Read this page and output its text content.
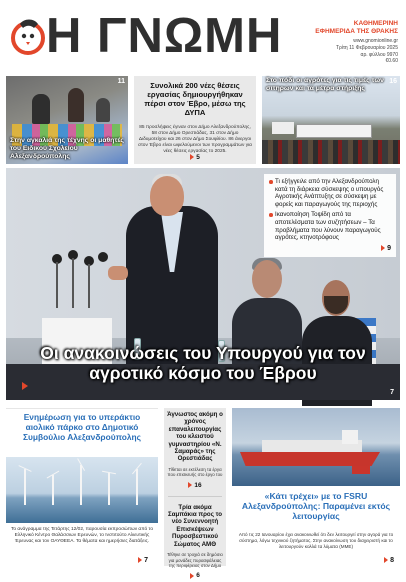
Η ΓΝΩΜΗ	ΚΑΘΗΜΕΡΙΝΗ
ΕΦΗΜΕΡΙΔΑ ΤΗΣ ΘΡΑΚΗΣ
www.gnomionline.gr
Τρίτη 11 Φεβρουαρίου 2025
αρ. φύλλου 9970
€0.60
11
Στην αγκαλιά της τέχνης οι μαθητές του Ειδικού Σχολείου Αλεξανδρούπολης
Συνολικά 200 νέες θέσεις εργασίας δημιουργήθηκαν πέρσι στον Έβρο, μέσω της ΔΥΠΑ
85 προσλήψεις έγιναν στον Δήμο Αλεξανδρούπολης, 58 στον Δήμο Ορεστιάδας, 31 στον Δήμο Διδυμοτείχου και 26 στον Δήμο Σουφλίου. 86 άνεργοι στον Έβρο είναι ωφελούμενοι των προγραμμάτων για νέες θέσεις εργασίας το 2025.
5
16
Στο πόδι οι αγρότες για τις τιμές των σιτηρών και τα μέτρα στήριξης
Τι εξήγγειλε από την Αλεξανδρούπολη κατά τη διάρκεια σύσκεψης ο υπουργός Αγροτικής Ανάπτυξης σε σύσκεψη με φορείς και παραγωγούς της περιοχής
Ικανοποίηση Τοψίδη από τα αποτελέσματα των συζητήσεων – Τα προβλήματα που λύνουν παραγωγούς αγρότες, κτηνοτρόφους
9
Οι ανακοινώσεις του Υπουργού για τον αγροτικό κόσμο του Έβρου
7
Ενημέρωση για το υπεράκτιο αιολικό πάρκο στο Δημοτικό Συμβούλιο Αλεξανδρούπολης
Το ανάγραμμα της Τετάρτης 12/02, παρουσία εκπροσώπων από το Ελληνικό Κέντρο Θαλάσσιων Ερευνών, το Ινστιτούτο Αλιευτικής Έρευνας και τον ΟΑΥΘΕΕΑ. Τα θέματα και ημερήσιες διατάξεις.
7
Άγνωστος ακόμη ο χρόνος επαναλειτουργίας του κλειστού γυμναστηρίου «Ν. Σαμαράς» της Ορεστιάδας
Τίθεται σε εκτέλεση τα έργα που επισκευής στο έργο του
16
Τρία ακόμα Σαμπάκια προς το νέο Συνεννοητή Επισκέψεων Πυροσβεστικού Σώματος ΑΜΘ
Τέθηκε σε τροχιά σε δημόσιο για μονάδες πυρασφάλειας της περιφέρειας στον Δήμο
6
«Κάτι τρέχει» με το FSRU Αλεξανδρούπολης: Παραμένει εκτός λειτουργίας
Από τις 22 Ιανουαρίου έχει ανακοινωθεί ότι δεν λειτουργεί στην αγορά για το σύστημα, λόγω τεχνικού ζητήματος. Στην ανακοίνωση του διαχειριστή και το λειτουργούν κολλά τα λύματα (ΜΜΕ)
8
